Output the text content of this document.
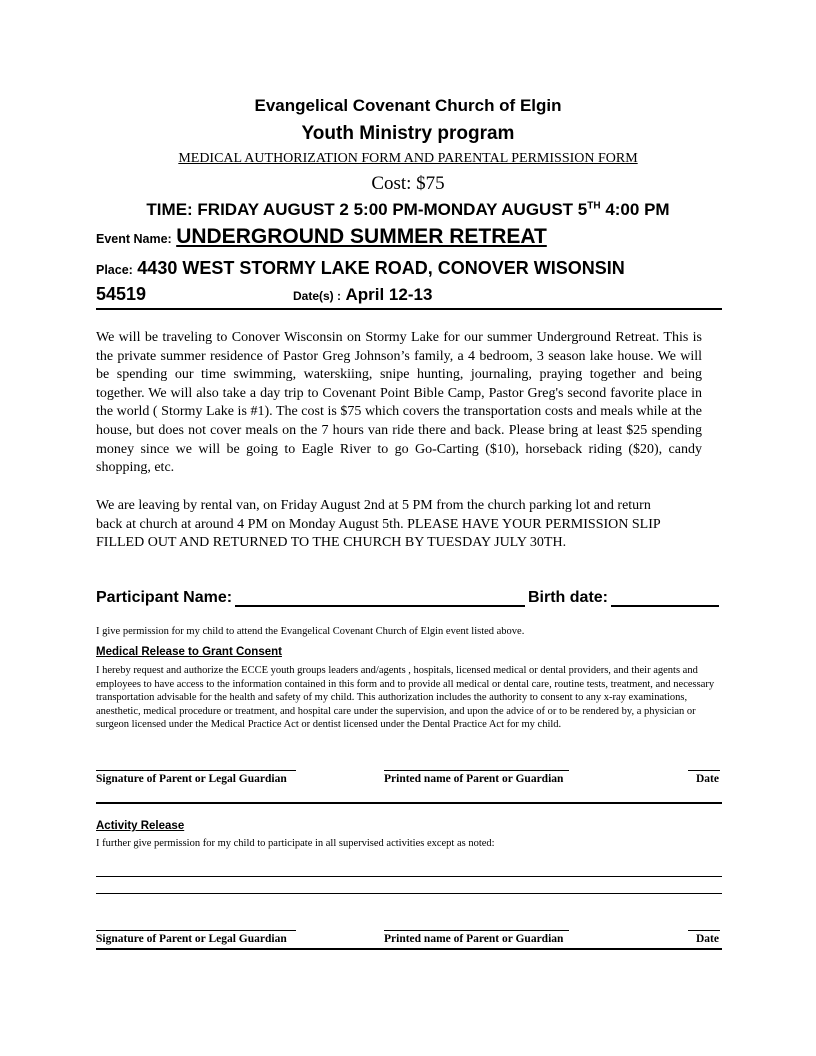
Evangelical Covenant Church of Elgin
Youth Ministry program
MEDICAL AUTHORIZATION FORM AND PARENTAL PERMISSION FORM
Cost: $75
TIME: FRIDAY AUGUST 2 5:00 PM-MONDAY AUGUST 5TH 4:00 PM
Event Name: UNDERGROUND SUMMER RETREAT
Place: 4430 WEST STORMY LAKE ROAD, CONOVER WISONSIN
54519	Date(s) : April 12-13

We will be traveling to Conover Wisconsin on Stormy Lake for our summer Underground Retreat. This is the private summer residence of Pastor Greg Johnson’s family, a 4 bedroom, 3 season lake house. We will be spending our time swimming, waterskiing, snipe hunting, journaling, praying together and being together. We will also take a day trip to Covenant Point Bible Camp, Pastor Greg's second favorite place in the world ( Stormy Lake is #1). The cost is $75 which covers the transportation costs and meals while at the house, but does not cover meals on the 7 hours van ride there and back. Please bring at least $25 spending money since we will be going to Eagle River to go Go-Carting ($10), horseback riding ($20), candy shopping, etc.

We are leaving by rental van, on Friday August 2nd at 5 PM from the church parking lot and return back at church at around 4 PM on Monday August 5th. PLEASE HAVE YOUR PERMISSION SLIP FILLED OUT AND RETURNED TO THE CHURCH BY TUESDAY JULY 30TH.

Participant Name:	Birth date:
I give permission for my child to attend the Evangelical Covenant Church of Elgin event listed above.
Medical Release to Grant Consent
I hereby request and authorize the ECCE youth groups leaders and/agents , hospitals, licensed medical or dental providers, and their agents and employees to have access to the information contained in this form and to provide all medical or dental care, routine tests, treatment, and necessary transportation advisable for the health and safety of my child. This authorization includes the authority to consent to any x-ray examinations, anesthetic, medical procedure or treatment, and hospital care under the supervision, and upon the advice of or to be rendered by, a physician or surgeon licensed under the Medical Practice Act or dentist licensed under the Dental Practice Act for my child.
Signature of Parent or Legal Guardian	Printed name of Parent or Guardian	Date
Activity Release
I further give permission for my child to participate in all supervised activities except as noted:
Signature of Parent or Legal Guardian	Printed name of Parent or Guardian	Date
